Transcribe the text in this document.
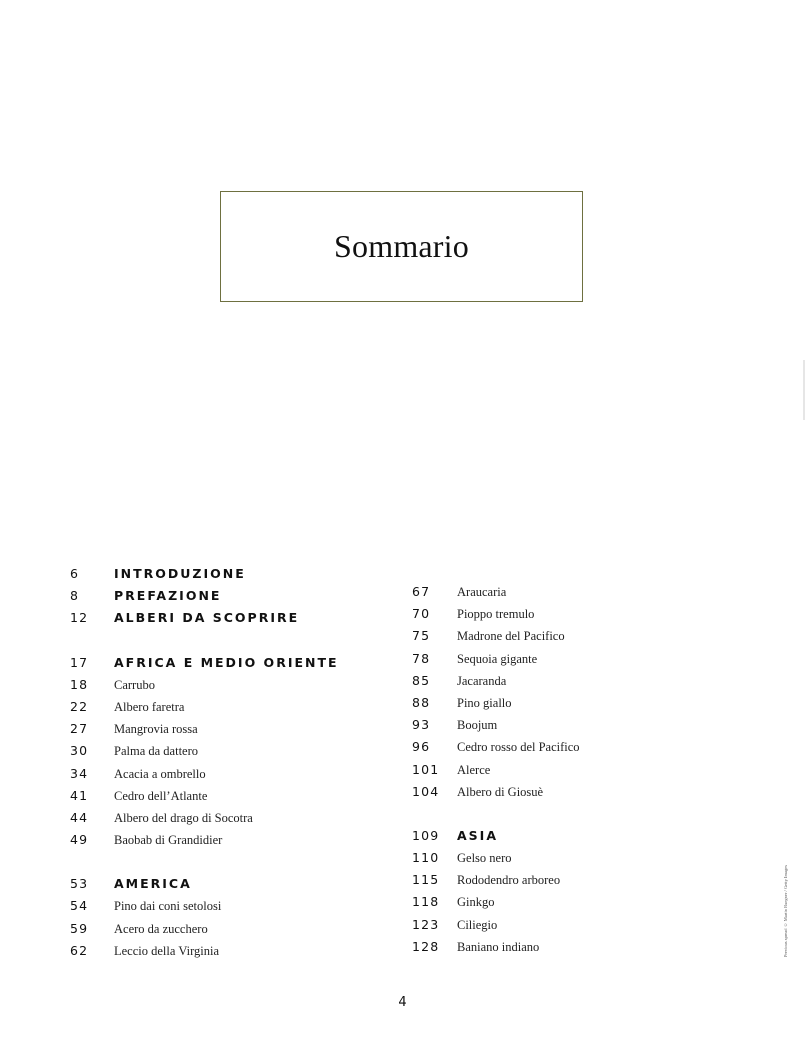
Sommario
6	INTRODUZIONE
8	PREFAZIONE
12	ALBERI DA SCOPRIRE
17	AFRICA E MEDIO ORIENTE
18	Carrubo
22	Albero faretra
27	Mangrovia rossa
30	Palma da dattero
34	Acacia a ombrello
41	Cedro dell’Atlante
44	Albero del drago di Socotra
49	Baobab di Grandidier
53	AMERICA
54	Pino dai coni setolosi
59	Acero da zucchero
62	Leccio della Virginia
67	Araucaria
70	Pioppo tremulo
75	Madrone del Pacifico
78	Sequoia gigante
85	Jacaranda
88	Pino giallo
93	Boojum
96	Cedro rosso del Pacifico
101	Alerce
104	Albero di Giosuè
109	ASIA
110	Gelso nero
115	Rododendro arboreo
118	Ginkgo
123	Ciliegio
128	Baniano indiano
4
Previous spread © Martin Ruegner / Getty Images
